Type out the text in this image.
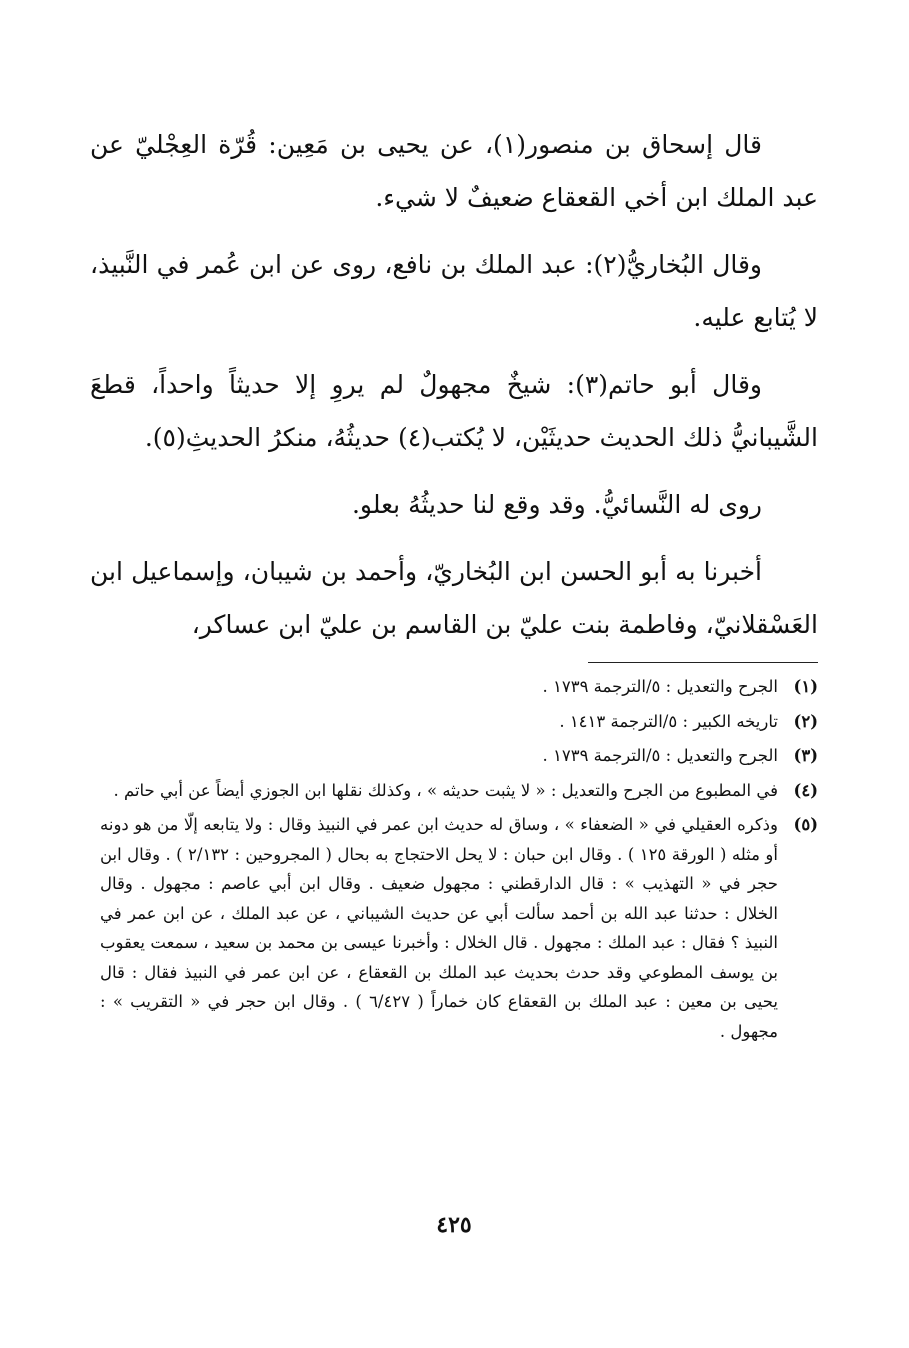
قال إسحاق بن منصور(١)، عن يحيى بن مَعِين: قُرّة العِجْليّ عن عبد الملك ابن أخي القعقاع ضعيفٌ لا شيء.

وقال البُخاريُّ(٢): عبد الملك بن نافع، روى عن ابن عُمر في النَّبيذ، لا يُتابع عليه.

وقال أبو حاتم(٣): شيخٌ مجهولٌ لم يروِ إلا حديثاً واحداً، قطعَ الشَّيبانيُّ ذلك الحديث حديثَيْن، لا يُكتب(٤) حديثُهُ، منكرُ الحديثِ(٥).

روى له النَّسائيُّ. وقد وقع لنا حديثُهُ بعلو.

أخبرنا به أبو الحسن ابن البُخاريّ، وأحمد بن شيبان، وإسماعيل ابن العَسْقلانيّ، وفاطمة بنت عليّ بن القاسم بن عليّ ابن عساكر،

(١)
الجرح والتعديل : ٥/الترجمة ١٧٣٩ .
(٢)
تاريخه الكبير : ٥/الترجمة ١٤١٣ .
(٣)
الجرح والتعديل : ٥/الترجمة ١٧٣٩ .
(٤)
في المطبوع من الجرح والتعديل : « لا يثبت حديثه » ، وكذلك نقلها ابن الجوزي أيضاً عن أبي حاتم .
(٥)
وذكره العقيلي في « الضعفاء » ، وساق له حديث ابن عمر في النبيذ وقال : ولا يتابعه إلّا من هو دونه أو مثله ( الورقة ١٢٥ ) . وقال ابن حبان : لا يحل الاحتجاج به بحال ( المجروحين : ٢/١٣٢ ) . وقال ابن حجر في « التهذيب » : قال الدارقطني : مجهول ضعيف . وقال ابن أبي عاصم : مجهول . وقال الخلال : حدثنا عبد الله بن أحمد سألت أبي عن حديث الشيباني ، عن عبد الملك ، عن ابن عمر في النبيذ ؟ فقال : عبد الملك : مجهول . قال الخلال : وأخبرنا عيسى بن محمد بن سعيد ، سمعت يعقوب بن يوسف المطوعي وقد حدث بحديث عبد الملك بن القعقاع ، عن ابن عمر في النبيذ فقال : قال يحيى بن معين : عبد الملك بن القعقاع كان خماراً ( ٦/٤٢٧ ) . وقال ابن حجر في « التقريب » : مجهول .
٤٢٥
